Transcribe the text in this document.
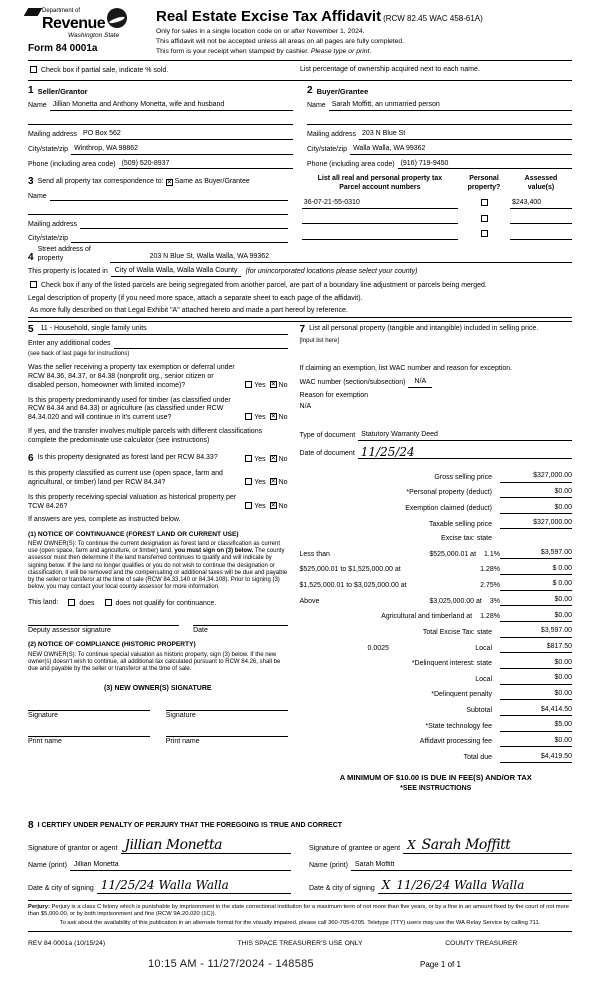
Department of
Revenue
Washington State
Form 84 0001a
Real Estate Excise Tax Affidavit (RCW 82.45 WAC 458-61A)
Only for sales in a single location code on or after November 1, 2024.
This affidavit will not be accepted unless all areas on all pages are fully completed.
This form is your receipt when stamped by cashier. Please type or print.
Check box if partial sale, indicate % sold.	List percentage of ownership acquired next to each name.
1 Seller/Grantor
Name Jillian Monetta and Anthony Monetta, wife and husband
Mailing address PO Box 562
City/state/zip Winthrop, WA 98862
Phone (including area code) (509) 520-8937
2 Buyer/Grantee
Name Sarah Moffitt, an unmarried person
Mailing address 203 N Blue St
City/state/zip Walla Walla, WA 99362
Phone (including area code) (916) 719-9450
3 Send all property tax correspondence to: ✕ Same as Buyer/Grantee
Name
Mailing address
City/state/zip
List all real and personal property tax
Parcel account numbers
Personal
property?
Assessed
value(s)
36-07-21-55-0310	$243,400
4
Street address of
property	203 N Blue St, Walla Walla, WA 99362
This property is located in	City of Walla Walla, Walla Walla County	(for unincorporated locations please select your county)
Check box if any of the listed parcels are being segregated from another parcel, are part of a boundary line adjustment or parcels being merged.
Legal description of property (if you need more space, attach a separate sheet to each page of the affidavit).
As more fully described on that Legal Exhibit "A" attached hereto and made a part hereof by reference.
5	11 - Household, single family units
Enter any additional codes
(see back of last page for instructions)
Was the seller receiving a property tax exemption or deferral under RCW 84.36, 84.37, or 84.38 (nonprofit org., senior citizen or disabled person, homeowner with limited income)?	Yes ✕ No
Is this property predominantly used for timber (as classified under RCW 84.34 and 84.33) or agriculture (as classified under RCW 84.34.020 and will continue in it's current use?	Yes ✕ No
If yes, and the transfer involves multiple parcels with different classifications complete the predominate use calculator (see instructions)
6 Is this property designated as forest land per RCW 84.33?	Yes ✕ No
Is this property classified as current use (open space, farm and agricultural, or timber) land per RCW 84.34?	Yes ✕ No
Is this property receiving special valuation as historical property per TCW 84.26?	Yes ✕ No
If answers are yes, complete as instructed below.
(1) NOTICE OF CONTINUANCE (FOREST LAND OR CURRENT USE)
NEW OWNER(S): To continue the current designation as forest land or classification as current use (open space, farm and agriculture, or timber) land, you must sign on (3) below. The county assessor must then determine if the land transferred continues to qualify and will indicate by signing below. If the land no longer qualifies or you do not wish to continue the designation or classification, it will be removed and the compensating or additional taxes will be due and payable by the seller or transferor at the time of sale (RCW 84.33.140 or 84.34.108). Prior to signing (3) below, you may contact your local county assessor for more information.
This land:	does	does not qualify for continuance.
Deputy assessor signature	Date
(2) NOTICE OF COMPLIANCE (HISTORIC PROPERTY)
NEW OWNER(S): To continue special valuation as historic property, sign (3) below. If the new owner(s) doesn't wish to continue, all additional tax calculated pursuant to RCW 84.26, shall be due and payable by the seller or transferor at the time of sale.
(3) NEW OWNER(S) SIGNATURE
Signature	Signature
Print name	Print name
7 List all personal property (tangible and intangible) included in selling price.
[Input list here]
If claiming an exemption, list WAC number and reason for exception.
WAC number (section/subsection)	N/A
Reason for exemption
N/A
Type of document Statutory Warranty Deed
Date of document 11/25/24
Gross selling price	$327,000.00
*Personal property (deduct)	$0.00
Exemption claimed (deduct)	$0.00
Taxable selling price	$327,000.00
Excise tax: state
Less than	$525,000.01 at	1.1%	$3,597.00
$525,000.01 to $1,525,000.00 at	1.28%	$ 0.00
$1,525,000.01 to $3,025,000.00 at	2.75%	$ 0.00
Above	$3,025,000.00 at	3%	$0.00
Agricultural and timberland at	1.28%	$0.00
Total Excise Tax: state	$3,597.00
0.0025	Local	$817.50
*Delinquent interest: state	$0.00
Local	$0.00
*Delinquent penalty	$0.00
Subtotal	$4,414.50
*State technology fee	$5.00
Affidavit processing fee	$0.00
Total due	$4,419.50
A MINIMUM OF $10.00 IS DUE IN FEE(S) AND/OR TAX
*SEE INSTRUCTIONS
8 I CERTIFY UNDER PENALTY OF PERJURY THAT THE FOREGOING IS TRUE AND CORRECT
Signature of grantor or agent Jillian Monetta	Signature of grantee or agent X Sarah Moffitt
Name (print)	Jillian Monetta	Name (print)	Sarah Moffitt
Date & city of signing 11/25/24 Walla Walla	Date & city of signing X 11/26/24 Walla Walla
Perjury: Perjury is a class C felony which is punishable by imprisonment in the state correctional institution for a maximum term of not more than five years, or by a fine in an amount fixed by the court of not more than $5,000.00, or by both imprisonment and fine (RCW 9A.20.020 (1C)).
To ask about the availability of this publication in an alternate format for the visually impaired, please call 360-705-6705. Teletype (TTY) users may use the WA Relay Service by calling 711.
REV 84 0001a (10/15/24)	THIS SPACE TREASURER'S USE ONLY	COUNTY TREASURER
10:15 AM - 11/27/2024 - 148585	Page 1 of 1
